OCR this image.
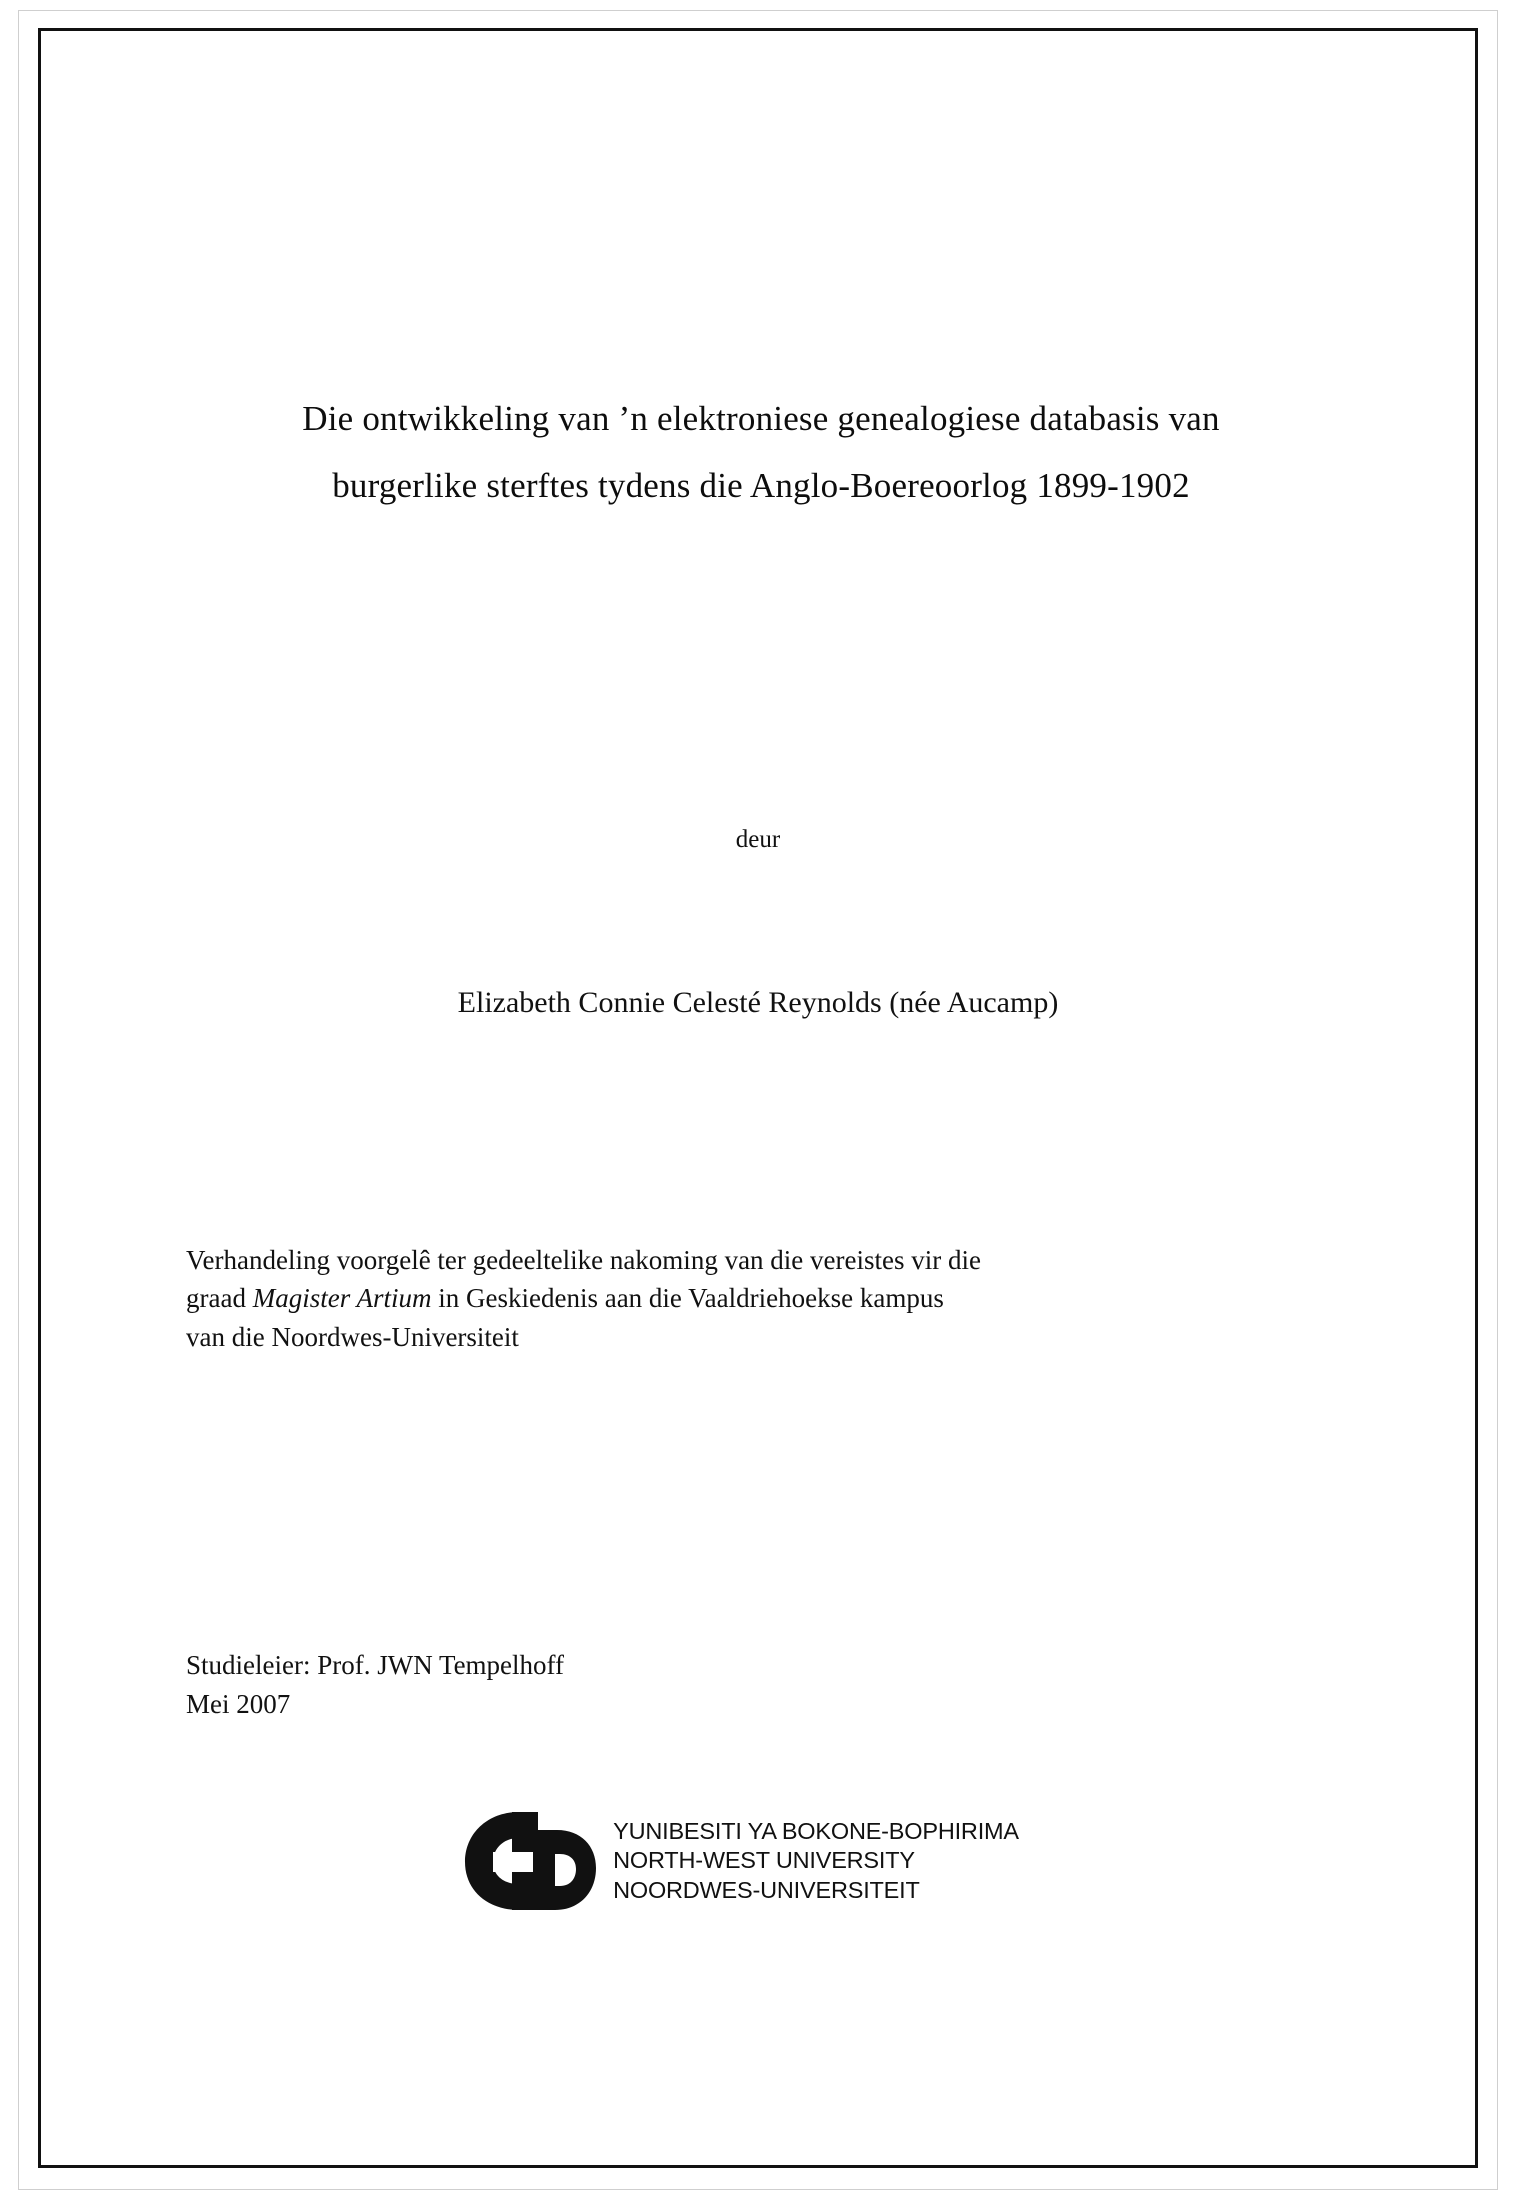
Die ontwikkeling van ’n elektroniese genealogiese databasis van
burgerlike sterftes tydens die Anglo-Boereoorlog 1899-1902
deur
Elizabeth Connie Celesté Reynolds (née Aucamp)

Verhandeling voorgelê ter gedeeltelike nakoming van die vereistes vir die

graad Magister Artium in Geskiedenis aan die Vaaldriehoekse kampus

van die Noordwes-Universiteit

Studieleier: Prof. JWN Tempelhoff
Mei 2007
YUNIBESITI YA BOKONE-BOPHIRIMA
NORTH-WEST UNIVERSITY
NOORDWES-UNIVERSITEIT
